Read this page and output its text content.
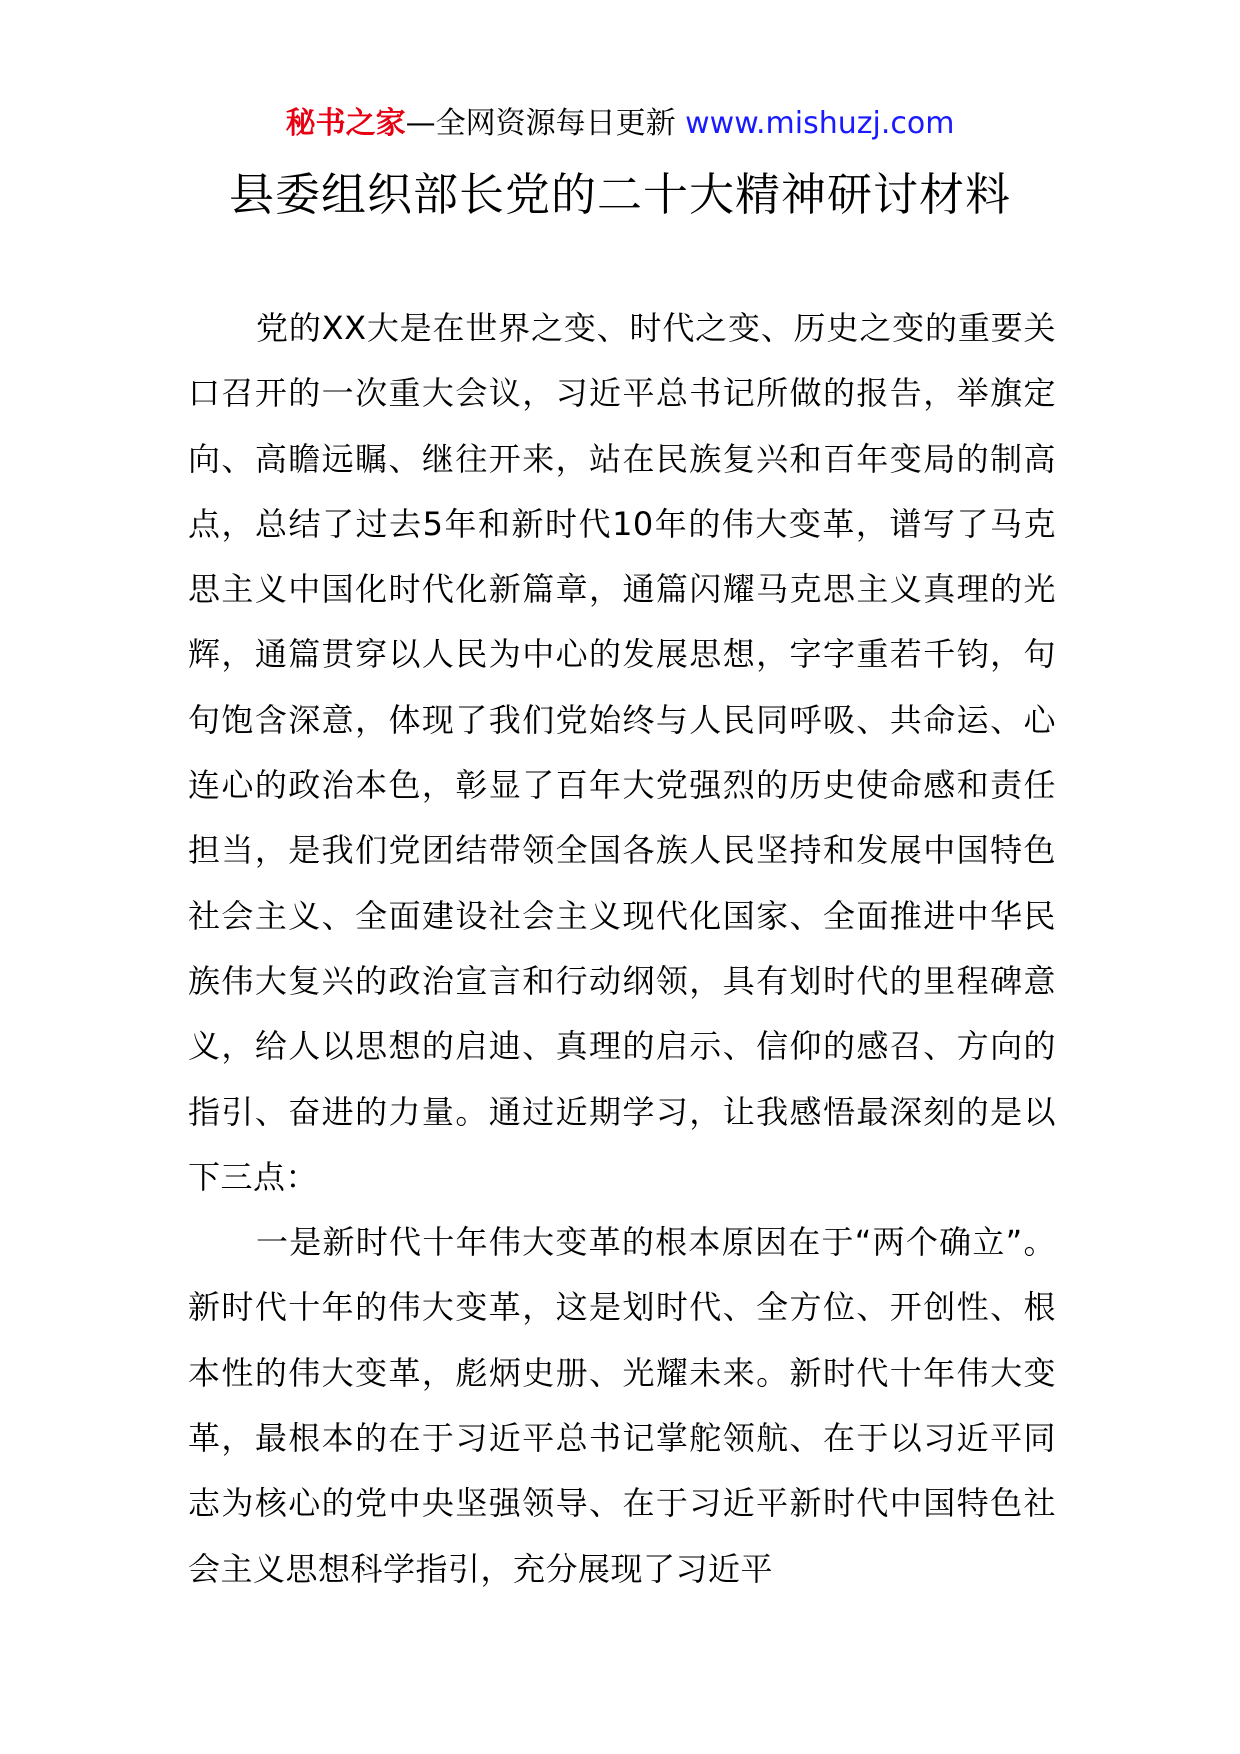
秘书之家—全网资源每日更新 www.mishuzj.com
县委组织部长党的二十大精神研讨材料

党的XX大是在世界之变、时代之变、历史之变的重要关口召开的一次重大会议，习近平总书记所做的报告，举旗定向、高瞻远瞩、继往开来，站在民族复兴和百年变局的制高点，总结了过去5年和新时代10年的伟大变革，谱写了马克思主义中国化时代化新篇章，通篇闪耀马克思主义真理的光辉，通篇贯穿以人民为中心的发展思想，字字重若千钧，句句饱含深意，体现了我们党始终与人民同呼吸、共命运、心连心的政治本色，彰显了百年大党强烈的历史使命感和责任担当，是我们党团结带领全国各族人民坚持和发展中国特色社会主义、全面建设社会主义现代化国家、全面推进中华民族伟大复兴的政治宣言和行动纲领，具有划时代的里程碑意义，给人以思想的启迪、真理的启示、信仰的感召、方向的指引、奋进的力量。通过近期学习，让我感悟最深刻的是以下三点：

一是新时代十年伟大变革的根本原因在于“两个确立”。新时代十年的伟大变革，这是划时代、全方位、开创性、根本性的伟大变革，彪炳史册、光耀未来。新时代十年伟大变革，最根本的在于习近平总书记掌舵领航、在于以习近平同志为核心的党中央坚强领导、在于习近平新时代中国特色社会主义思想科学指引，充分展现了习近平
